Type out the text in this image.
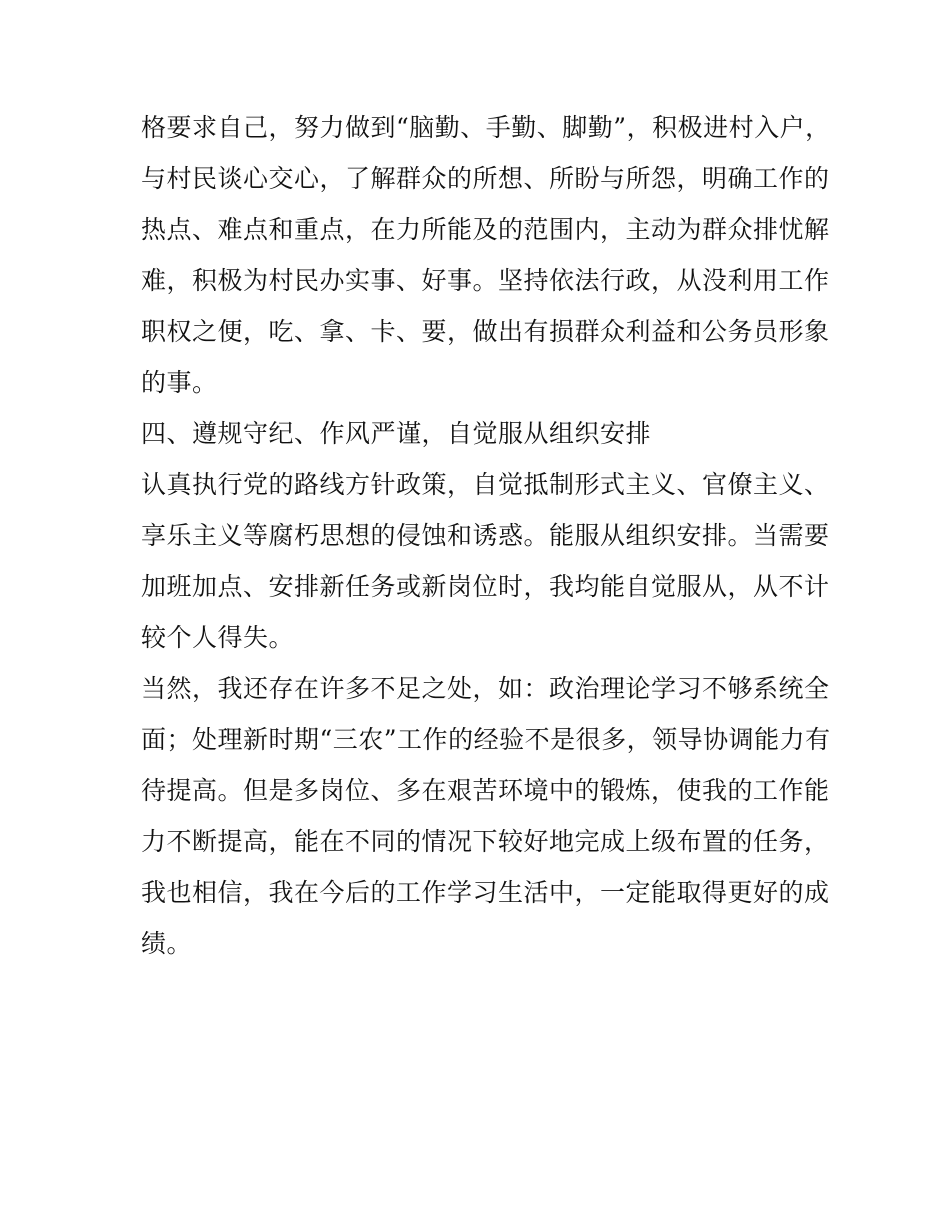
格要求自己，努力做到“脑勤、手勤、脚勤”，积极进村入户，
与村民谈心交心，了解群众的所想、所盼与所怨，明确工作的
热点、难点和重点，在力所能及的范围内，主动为群众排忧解
难，积极为村民办实事、好事。坚持依法行政，从没利用工作
职权之便，吃、拿、卡、要，做出有损群众利益和公务员形象
的事。
四、遵规守纪、作风严谨，自觉服从组织安排
认真执行党的路线方针政策，自觉抵制形式主义、官僚主义、
享乐主义等腐朽思想的侵蚀和诱惑。能服从组织安排。当需要
加班加点、安排新任务或新岗位时，我均能自觉服从，从不计
较个人得失。
当然，我还存在许多不足之处，如：政治理论学习不够系统全
面；处理新时期“三农”工作的经验不是很多，领导协调能力有
待提高。但是多岗位、多在艰苦环境中的锻炼，使我的工作能
力不断提高，能在不同的情况下较好地完成上级布置的任务，
我也相信，我在今后的工作学习生活中，一定能取得更好的成
绩。
